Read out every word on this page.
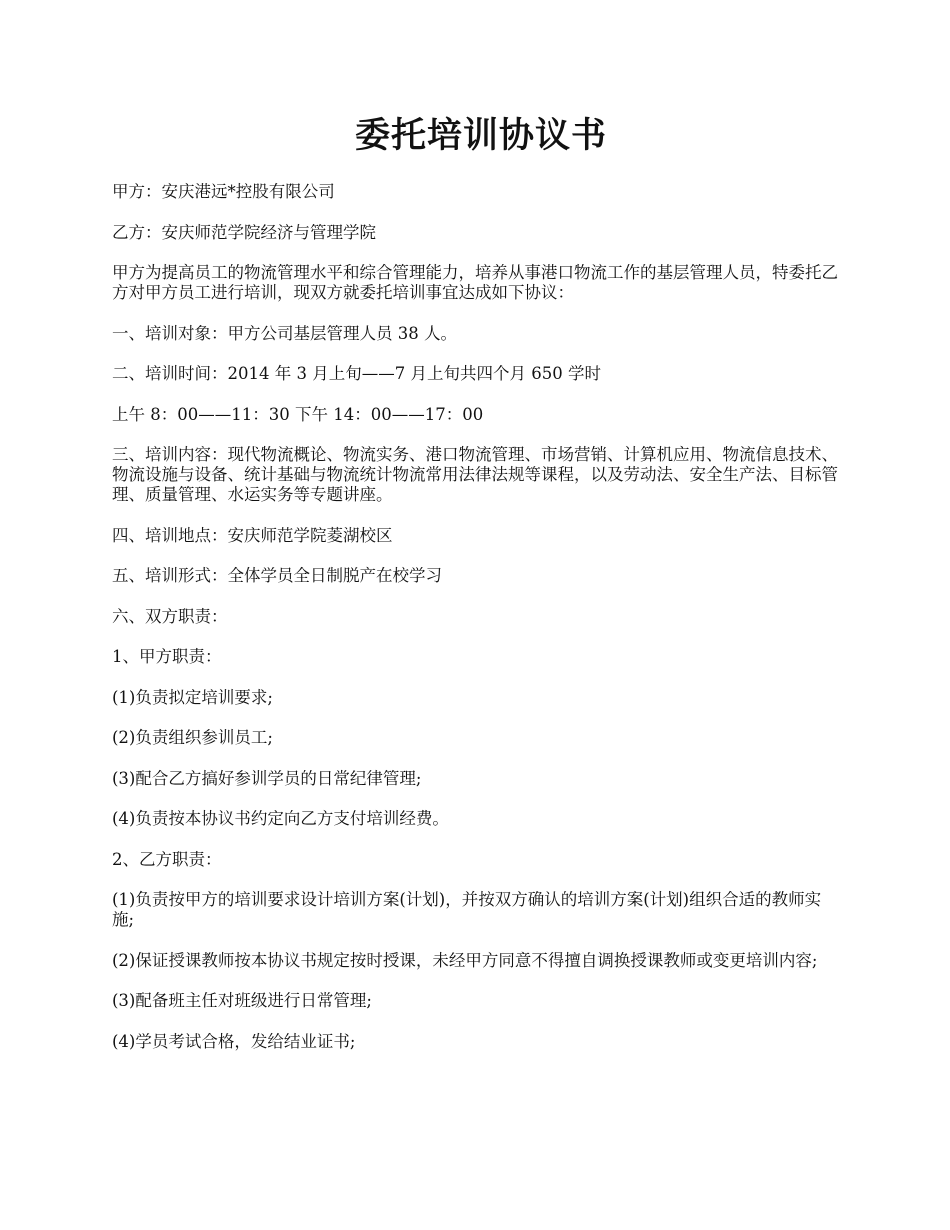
委托培训协议书

甲方：安庆港远*控股有限公司

乙方：安庆师范学院经济与管理学院

甲方为提高员工的物流管理水平和综合管理能力，培养从事港口物流工作的基层管理人员，特委托乙方对甲方员工进行培训，现双方就委托培训事宜达成如下协议：

一、培训对象：甲方公司基层管理人员 38 人。

二、培训时间：2014 年 3 月上旬——7 月上旬共四个月 650 学时

上午 8：00——11：30 下午 14：00——17：00

三、培训内容：现代物流概论、物流实务、港口物流管理、市场营销、计算机应用、物流信息技术、物流设施与设备、统计基础与物流统计物流常用法律法规等课程，以及劳动法、安全生产法、目标管理、质量管理、水运实务等专题讲座。

四、培训地点：安庆师范学院菱湖校区

五、培训形式：全体学员全日制脱产在校学习

六、双方职责：

1、甲方职责：

(1)负责拟定培训要求;

(2)负责组织参训员工;

(3)配合乙方搞好参训学员的日常纪律管理;

(4)负责按本协议书约定向乙方支付培训经费。

2、乙方职责：

(1)负责按甲方的培训要求设计培训方案(计划)，并按双方确认的培训方案(计划)组织合适的教师实施;

(2)保证授课教师按本协议书规定按时授课，未经甲方同意不得擅自调换授课教师或变更培训内容;

(3)配备班主任对班级进行日常管理;

(4)学员考试合格，发给结业证书;
